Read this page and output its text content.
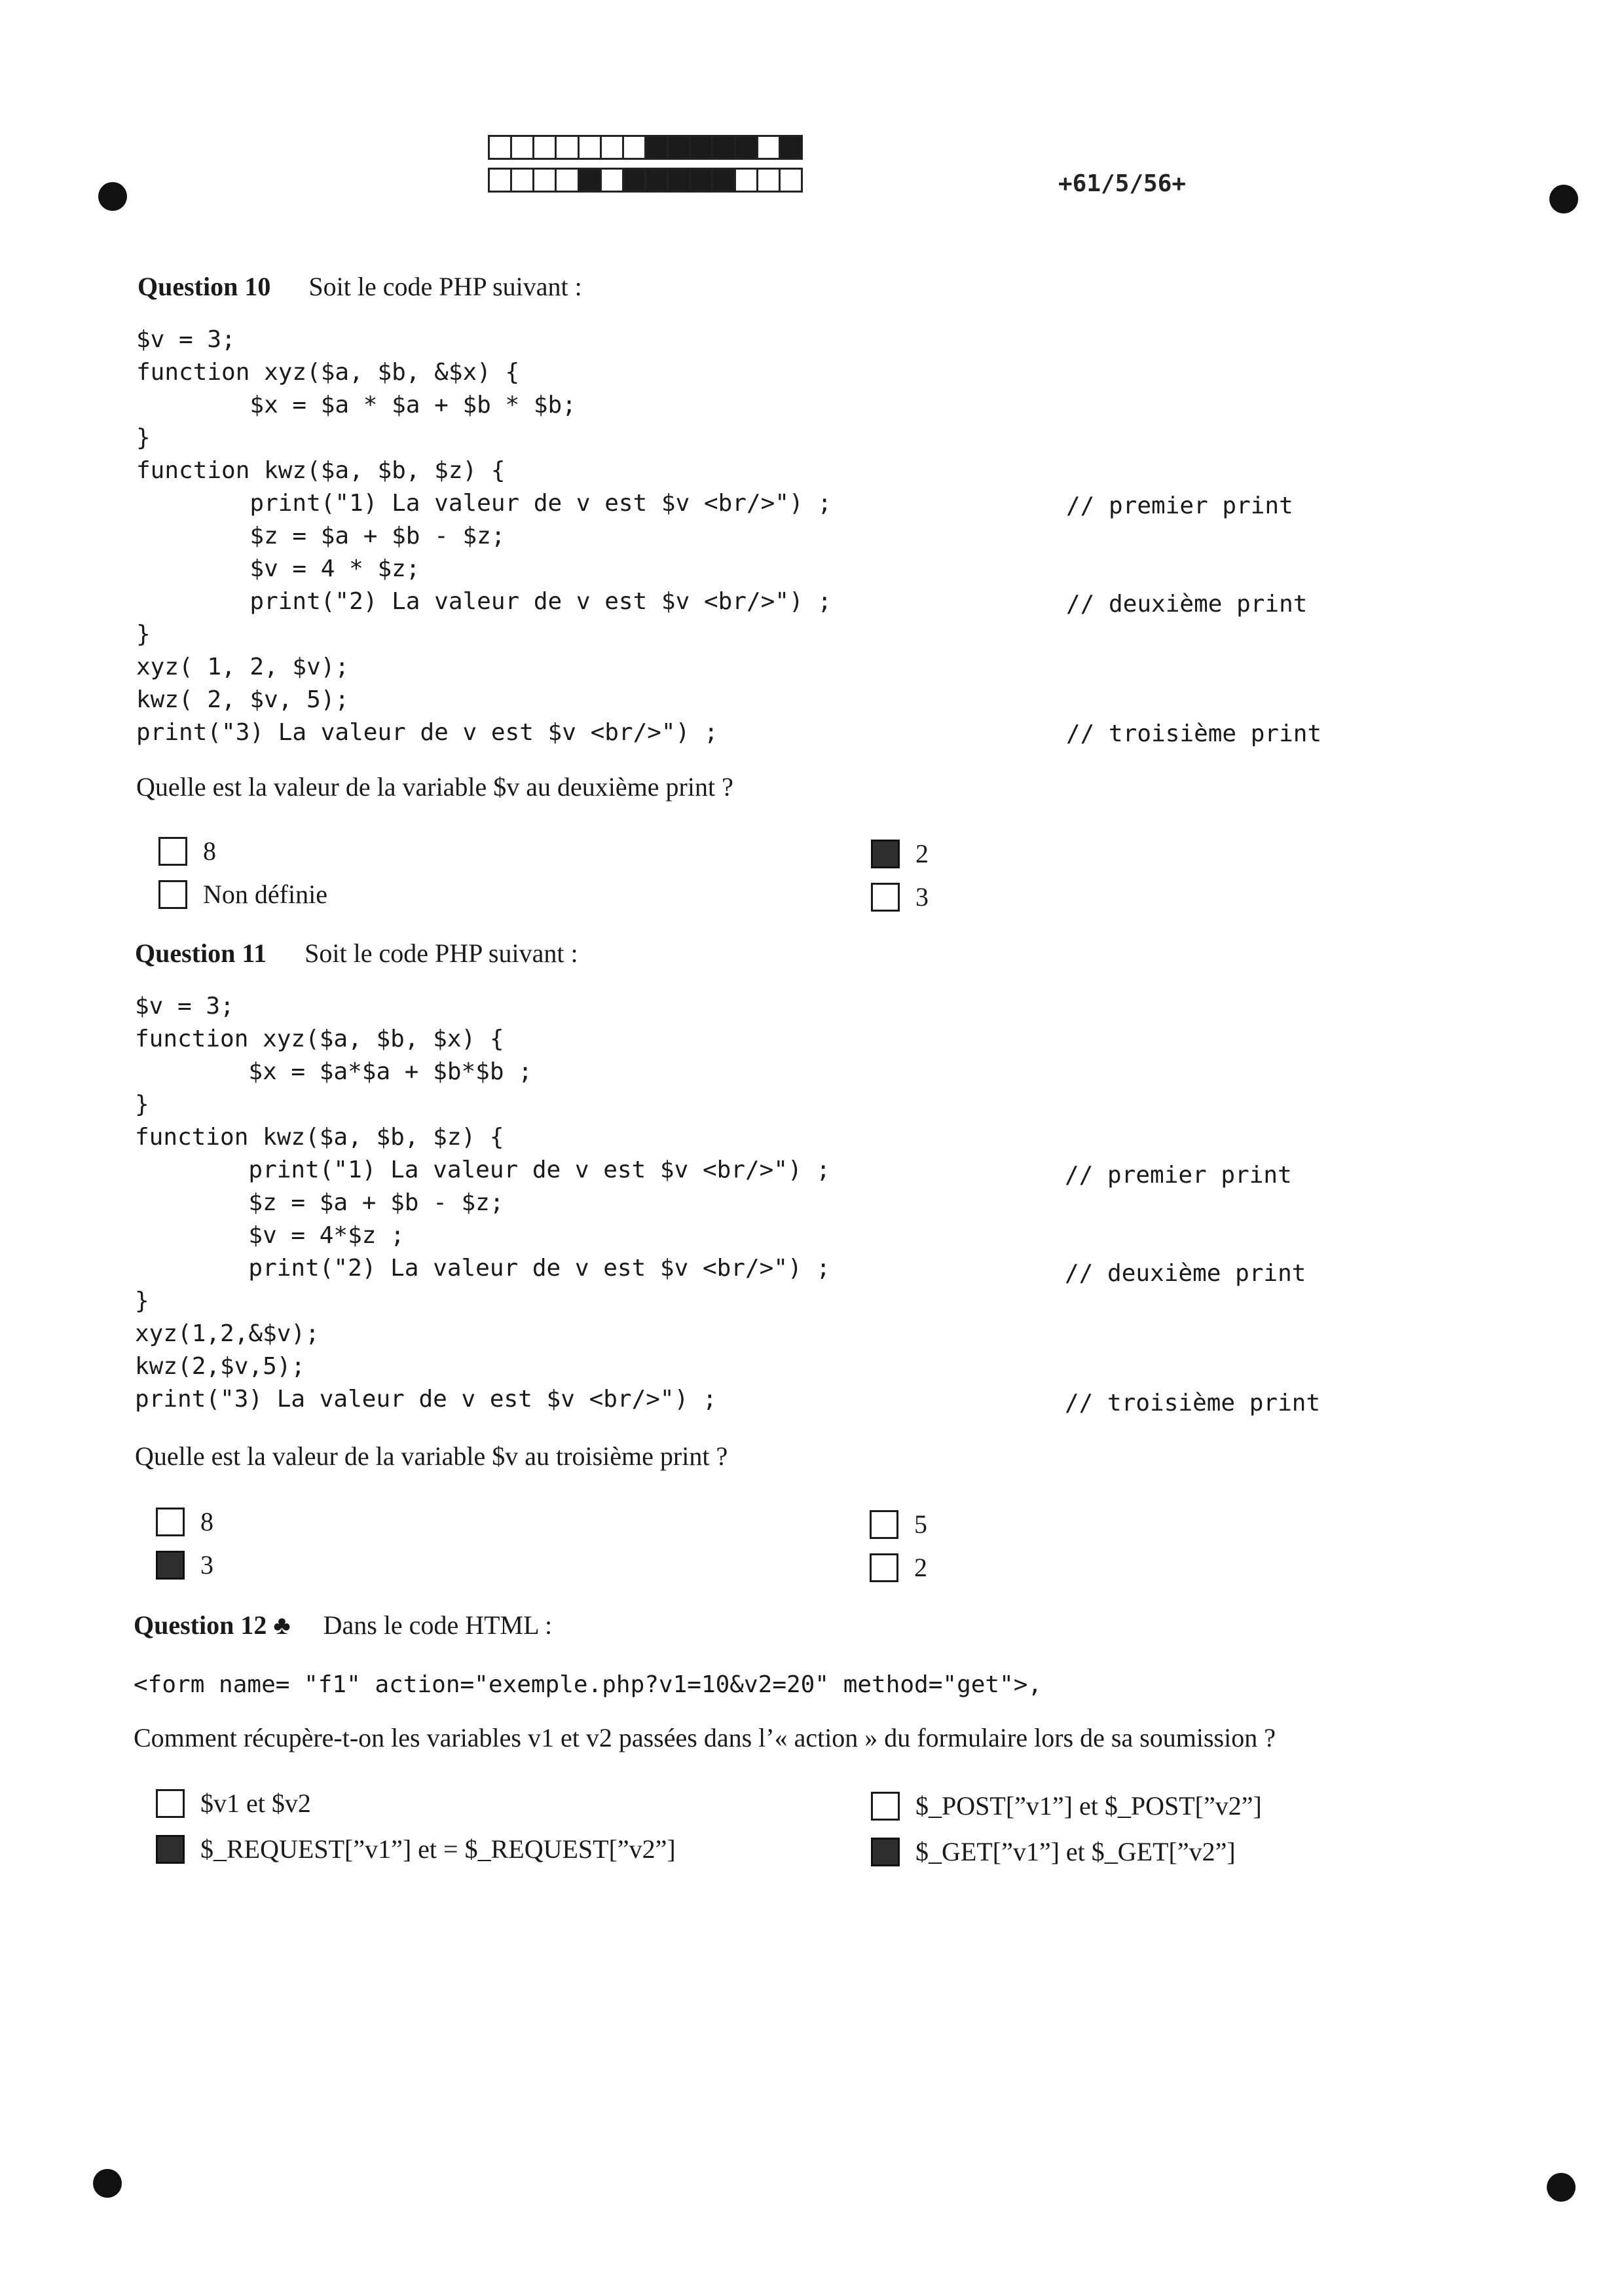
+61/5/56+
Question 10 Soit le code PHP suivant :
$v = 3;
function xyz($a, $b, &$x) {
$x = $a * $a + $b * $b;
}
function kwz($a, $b, $z) {
print("1) La valeur de v est $v <br/>") ;
$z = $a + $b - $z;
$v = 4 * $z;
print("2) La valeur de v est $v <br/>") ;
}
xyz( 1, 2, $v);
kwz( 2, $v, 5);
print("3) La valeur de v est $v <br/>") ;
// premier print
// deuxième print
// troisième print
Quelle est la valeur de la variable $v au deuxième print ?
8	2
Non définie	3
Question 11 Soit le code PHP suivant :
$v = 3;
function xyz($a, $b, $x) {
$x = $a*$a + $b*$b ;
}
function kwz($a, $b, $z) {
print("1) La valeur de v est $v <br/>") ;
$z = $a + $b - $z;
$v = 4*$z ;
print("2) La valeur de v est $v <br/>") ;
}
xyz(1,2,&$v);
kwz(2,$v,5);
print("3) La valeur de v est $v <br/>") ;
// premier print
// deuxième print
// troisième print
Quelle est la valeur de la variable $v au troisième print ?
8	5
3	2
Question 12 ♣ Dans le code HTML :
<form name= "f1" action="exemple.php?v1=10&v2=20" method="get">,
Comment récupère-t-on les variables v1 et v2 passées dans l’« action » du formulaire lors de sa soumission ?
$v1 et $v2	$_POST[”v1”] et $_POST[”v2”]
$_REQUEST[”v1”] et = $_REQUEST[”v2”]	$_GET[”v1”] et $_GET[”v2”]
